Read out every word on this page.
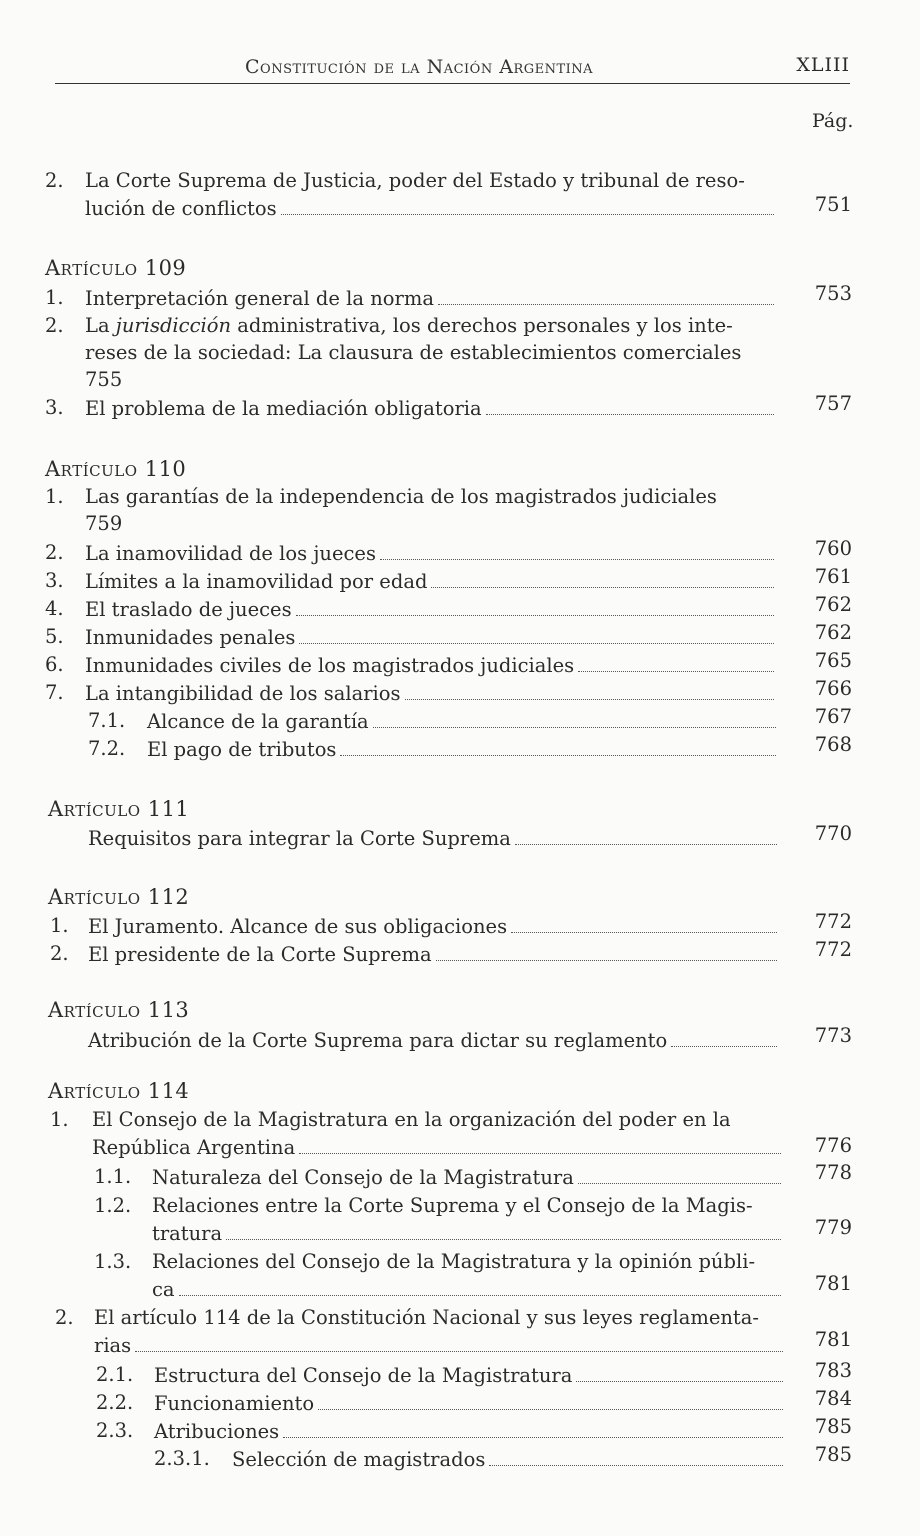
Constitución de la Nación Argentina	XLIII
Pág.
2. La Corte Suprema de Justicia, poder del Estado y tribunal de reso-
lución de conflictos	751
Artículo 109
1. Interpretación general de la norma	753
2. La jurisdicción administrativa, los derechos personales y los inte-
reses de la sociedad: La clausura de establecimientos comerciales
755
3. El problema de la mediación obligatoria	757
Artículo 110
1. Las garantías de la independencia de los magistrados judiciales
759
2. La inamovilidad de los jueces	760
3. Límites a la inamovilidad por edad	761
4. El traslado de jueces	762
5. Inmunidades penales	762
6. Inmunidades civiles de los magistrados judiciales	765
7. La intangibilidad de los salarios	766
7.1. Alcance de la garantía	767
7.2. El pago de tributos	768
Artículo 111
Requisitos para integrar la Corte Suprema	770
Artículo 112
1. El Juramento. Alcance de sus obligaciones	772
2. El presidente de la Corte Suprema	772
Artículo 113
Atribución de la Corte Suprema para dictar su reglamento	773
Artículo 114
1. El Consejo de la Magistratura en la organización del poder en la
República Argentina	776
1.1. Naturaleza del Consejo de la Magistratura	778
1.2. Relaciones entre la Corte Suprema y el Consejo de la Magis-
tratura	779
1.3. Relaciones del Consejo de la Magistratura y la opinión públi-
ca	781
2. El artículo 114 de la Constitución Nacional y sus leyes reglamenta-
rias	781
2.1. Estructura del Consejo de la Magistratura	783
2.2. Funcionamiento	784
2.3. Atribuciones	785
2.3.1. Selección de magistrados	785
